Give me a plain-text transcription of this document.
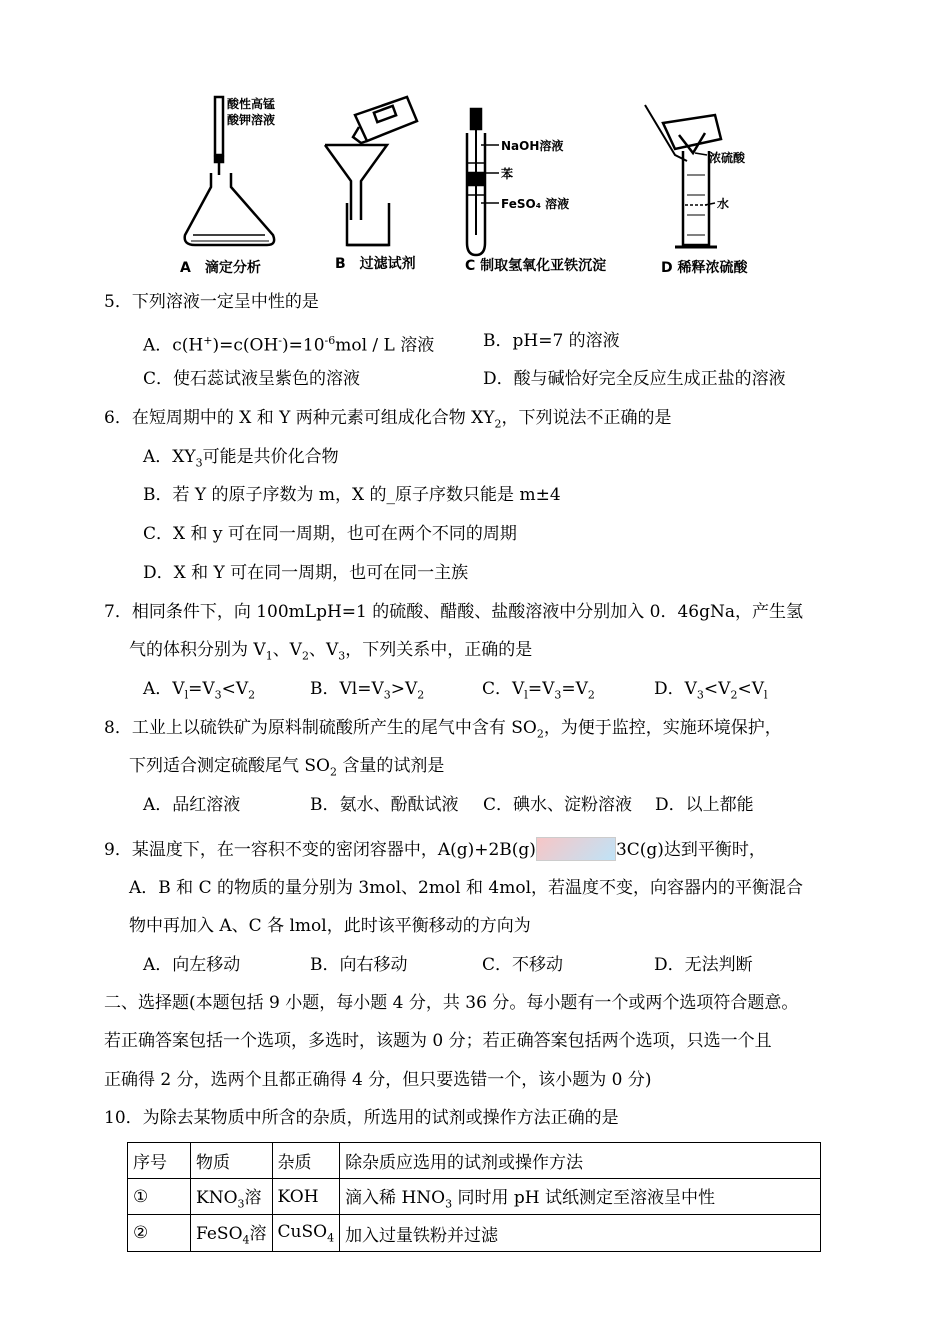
酸性高锰
酸钾溶液
NaOH溶液
苯
FeSO₄ 溶液
浓硫酸
水
A　滴定分析	B　过滤试剂	C 制取氢氧化亚铁沉淀	D 稀释浓硫酸
5．下列溶液一定呈中性的是
A．$c(H^+)=c(OH^-)=10^{-6}mol / L$ 溶液	B．pH=7 的溶液
C．使石蕊试液呈紫色的溶液	D．酸与碱恰好完全反应生成正盐的溶液
6．在短周期中的 X 和 Y 两种元素可组成化合物 $XY_2$，下列说法不正确的是
A．$XY_3$可能是共价化合物
B．若 Y 的原子序数为 m，X 的_原子序数只能是 m±4
C．X 和 y 可在同一周期，也可在两个不同的周期
D．X 和 Y 可在同一周期，也可在同一主族
7．相同条件下，向 100mLpH=1 的硫酸、醋酸、盐酸溶液中分别加入 0．46gNa，产生氢
气的体积分别为 $V_1$、$V_2$、$V_3$，下列关系中，正确的是
A．$V_l=V_3<V_2$	B．$Vl=V_3>V_2$	C．$V_l=V_3=V_2$	D．$V_3<V_2<V_l$
8．工业上以硫铁矿为原料制硫酸所产生的尾气中含有 $SO_2$，为便于监控，实施环境保护，
下列适合测定硫酸尾气 $SO_2$ 含量的试剂是
A．品红溶液	B．氨水、酚酞试液 C．碘水、淀粉溶液 D．以上都能
9．某温度下，在一容积不变的密闭容器中，A(g)+2B(g)	3C(g)达到平衡时，
A．B 和 C 的物质的量分别为 3mol、2mol 和 4mol，若温度不变，向容器内的平衡混合
物中再加入 A、C 各 lmol，此时该平衡移动的方向为
A．向左移动	B．向右移动	C．不移动	D．无法判断
二、选择题(本题包括 9 小题，每小题 4 分，共 36 分。每小题有一个或两个选项符合题意。
若正确答案包括一个选项，多选时，该题为 0 分；若正确答案包括两个选项，只选一个且
正确得 2 分，选两个且都正确得 4 分，但只要选错一个，该小题为 0 分)
10．为除去某物质中所含的杂质，所选用的试剂或操作方法正确的是
序号	物质	杂质	除杂质应选用的试剂或操作方法
①	$KNO_3$溶	KOH	滴入稀 $HNO_3$ 同时用 pH 试纸测定至溶液呈中性
②	FeSO$_4$溶	CuSO$_4$	加入过量铁粉并过滤
